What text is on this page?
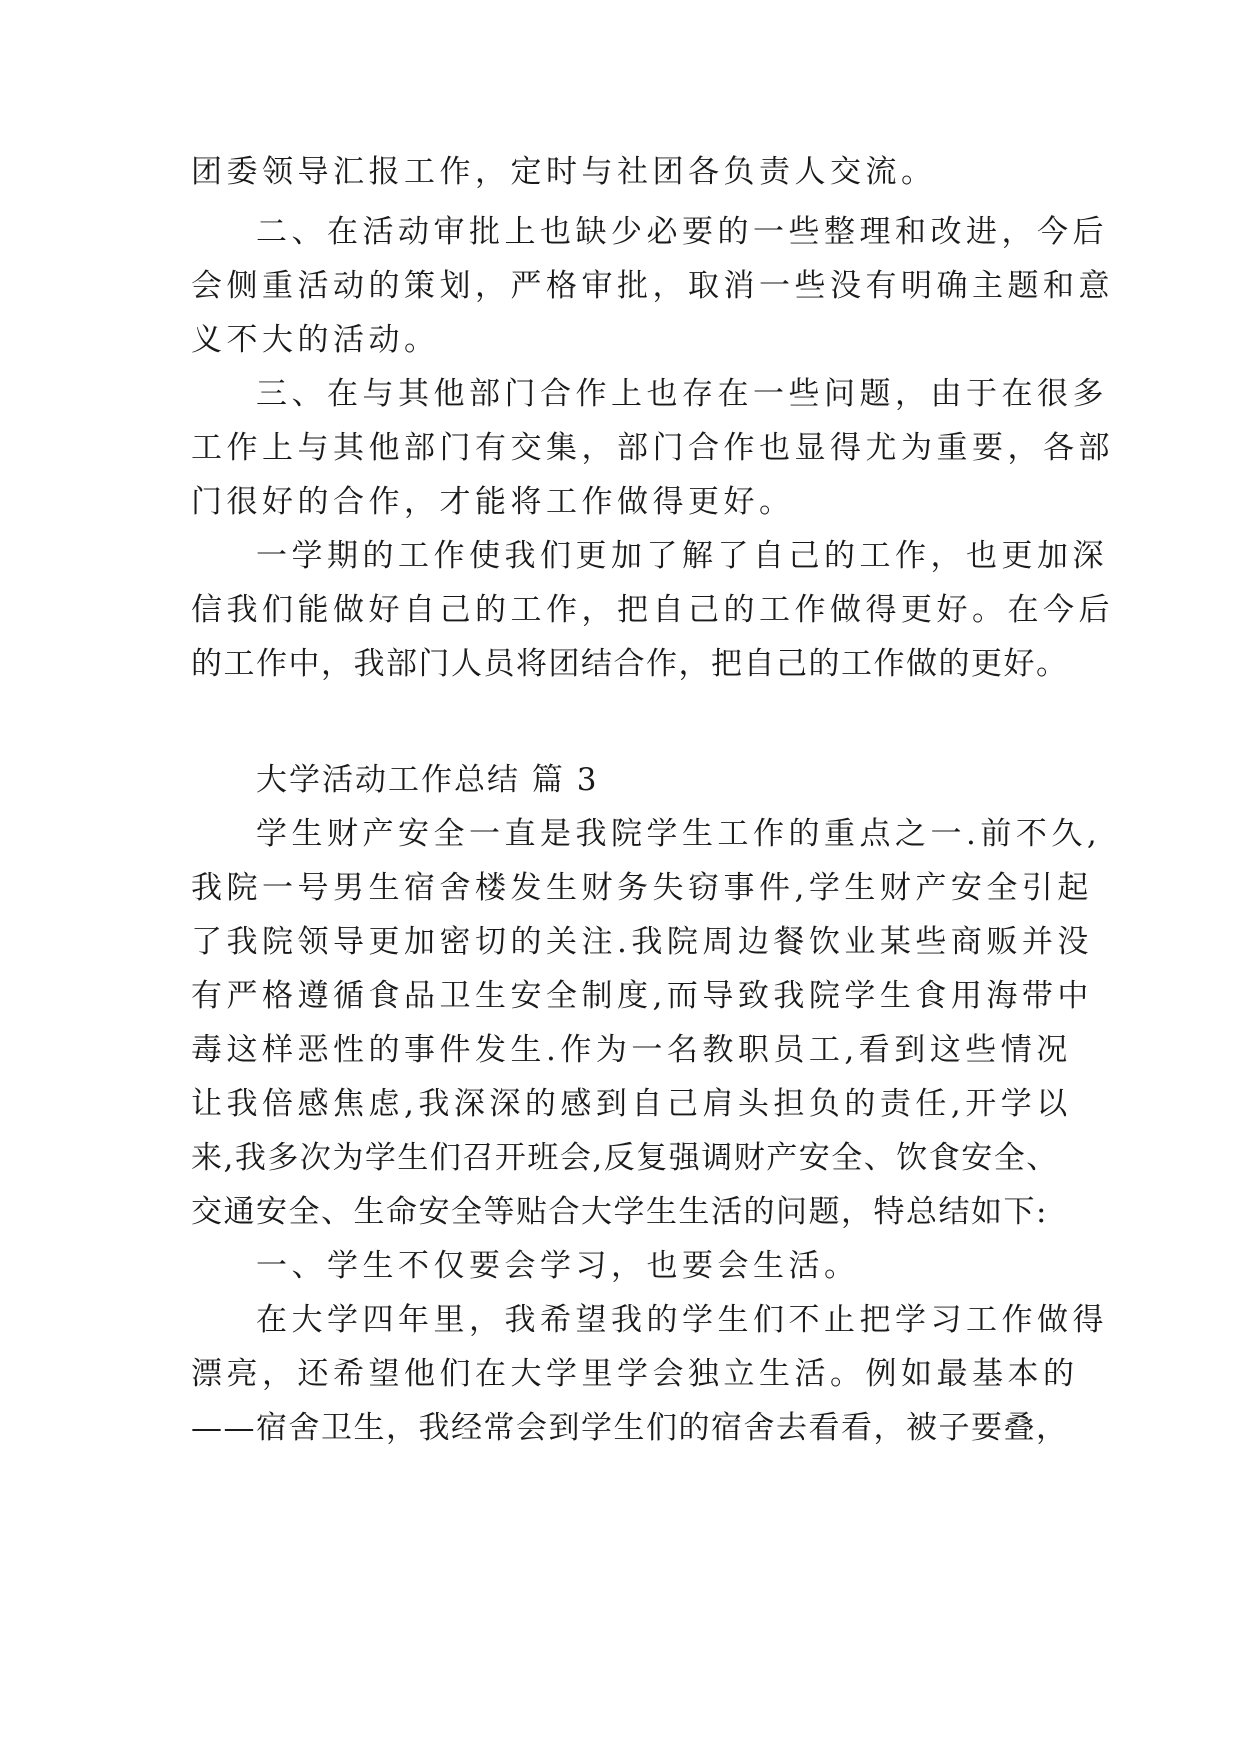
团委领导汇报工作，定时与社团各负责人交流。
二、在活动审批上也缺少必要的一些整理和改进，今后
会侧重活动的策划，严格审批，取消一些没有明确主题和意
义不大的活动。
三、在与其他部门合作上也存在一些问题，由于在很多
工作上与其他部门有交集，部门合作也显得尤为重要，各部
门很好的合作，才能将工作做得更好。
一学期的工作使我们更加了解了自己的工作，也更加深
信我们能做好自己的工作，把自己的工作做得更好。在今后
的工作中，我部门人员将团结合作，把自己的工作做的更好。
大学活动工作总结 篇 3
学生财产安全一直是我院学生工作的重点之一.前不久,
我院一号男生宿舍楼发生财务失窃事件,学生财产安全引起
了我院领导更加密切的关注.我院周边餐饮业某些商贩并没
有严格遵循食品卫生安全制度,而导致我院学生食用海带中
毒这样恶性的事件发生.作为一名教职员工,看到这些情况
让我倍感焦虑,我深深的感到自己肩头担负的责任,开学以
来,我多次为学生们召开班会,反复强调财产安全、饮食安全、
交通安全、生命安全等贴合大学生生活的问题，特总结如下:
一、学生不仅要会学习，也要会生活。
在大学四年里，我希望我的学生们不止把学习工作做得
漂亮，还希望他们在大学里学会独立生活。例如最基本的
——宿舍卫生，我经常会到学生们的宿舍去看看，被子要叠，
